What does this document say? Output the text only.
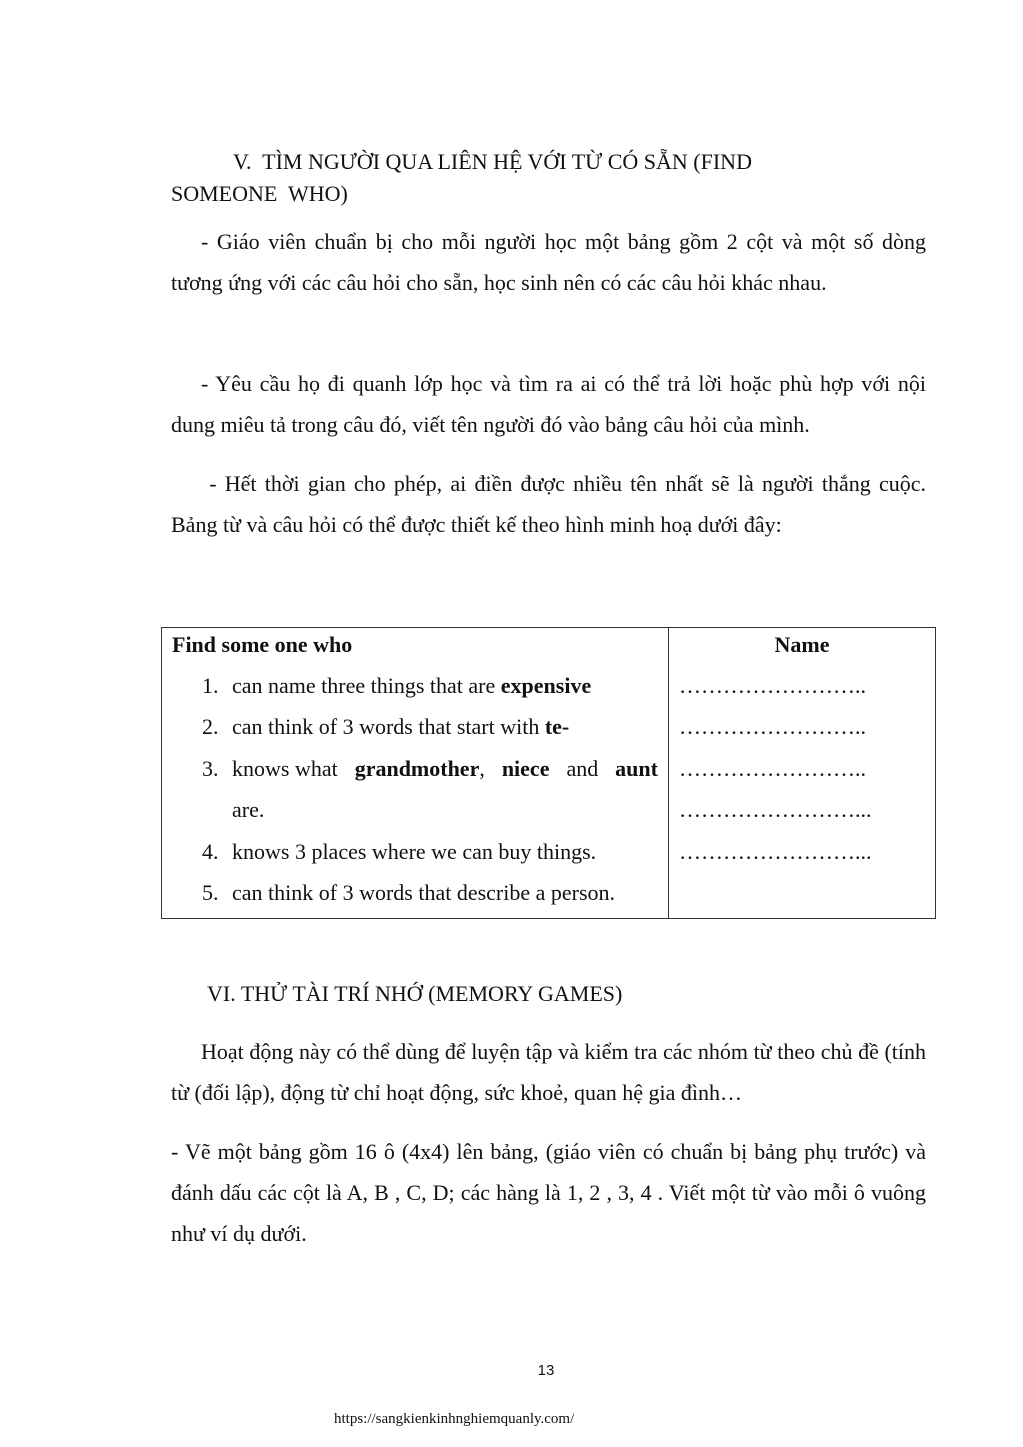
V.  TÌM NGƯỜI QUA LIÊN HỆ VỚI TỪ CÓ SẴN (FIND
SOMEONE  WHO)
- Giáo viên chuẩn bị cho mỗi người học một bảng gồm 2 cột và một số dòng tương ứng với các câu hỏi cho sẵn, học sinh nên có các câu hỏi khác nhau.
- Yêu cầu họ đi quanh lớp học và tìm ra ai có thể trả lời hoặc phù hợp với nội dung miêu tả trong câu đó, viết tên người đó vào bảng câu hỏi của mình.
- Hết thời gian cho phép, ai điền được nhiều tên nhất sẽ là người thắng cuộc. Bảng từ và câu hỏi có thể được thiết kế theo hình minh hoạ dưới đây:
Find some one who
1. can name three things that are expensive
2. can think of 3 words that start with te-
3. knows what grandmother, niece and aunt
are.
4. knows 3 places where we can buy things.
5. can think of 3 words that describe a person.
Name
……………………..
……………………..
……………………..
……………………...
……………………...
VI. THỬ TÀI TRÍ NHỚ (MEMORY GAMES)
Hoạt động này có thể dùng để luyện tập và kiểm tra các nhóm từ theo chủ đề (tính từ (đối lập), động từ chỉ hoạt động, sức khoẻ, quan hệ gia đình…
- Vẽ một bảng gồm 16 ô (4x4) lên bảng, (giáo viên có chuẩn bị bảng phụ trước) và đánh dấu các cột là A, B , C, D; các hàng là 1, 2 , 3, 4 . Viết một từ vào mỗi ô vuông như ví dụ dưới.
13
https://sangkienkinhnghiemquanly.com/
